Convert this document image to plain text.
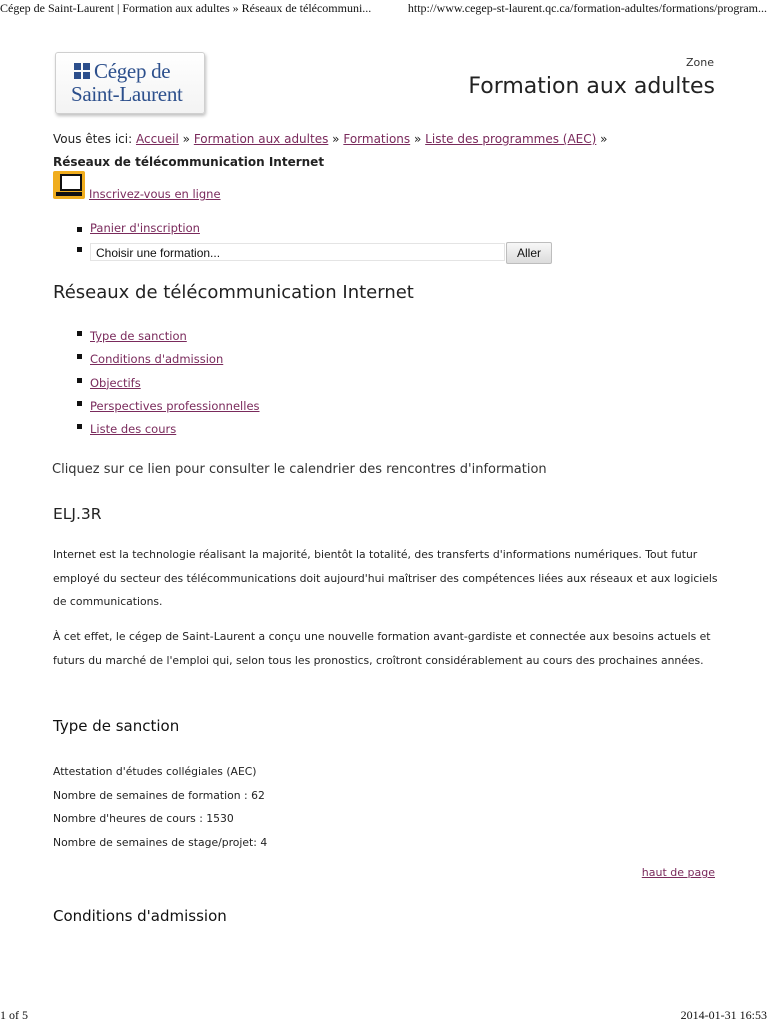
Cégep de Saint-Laurent | Formation aux adultes » Réseaux de télécommuni...	http://www.cegep-st-laurent.qc.ca/formation-adultes/formations/program...
Cégep de
Saint-Laurent
Zone
Formation aux adultes
Vous êtes ici: Accueil » Formation aux adultes » Formations » Liste des programmes (AEC) » Réseaux de télécommunication Internet
Inscrivez-vous en ligne
Panier d'inscription

Choisir une formation...	Aller
Réseaux de télécommunication Internet
Type de sanction
Conditions d'admission
Objectifs
Perspectives professionnelles
Liste des cours
Cliquez sur ce lien pour consulter le calendrier des rencontres d'information
ELJ.3R

Internet est la technologie réalisant la majorité, bientôt la totalité, des transferts d'informations numériques. Tout futur employé du secteur des télécommunications doit aujourd'hui maîtriser des compétences liées aux réseaux et aux logiciels de communications.

À cet effet, le cégep de Saint-Laurent a conçu une nouvelle formation avant-gardiste et connectée aux besoins actuels et futurs du marché de l'emploi qui, selon tous les pronostics, croîtront considérablement au cours des prochaines années.

Type de sanction
Attestation d'études collégiales (AEC)
Nombre de semaines de formation : 62
Nombre d'heures de cours : 1530
Nombre de semaines de stage/projet: 4
haut de page
Conditions d'admission
1 of 5	2014-01-31 16:53
